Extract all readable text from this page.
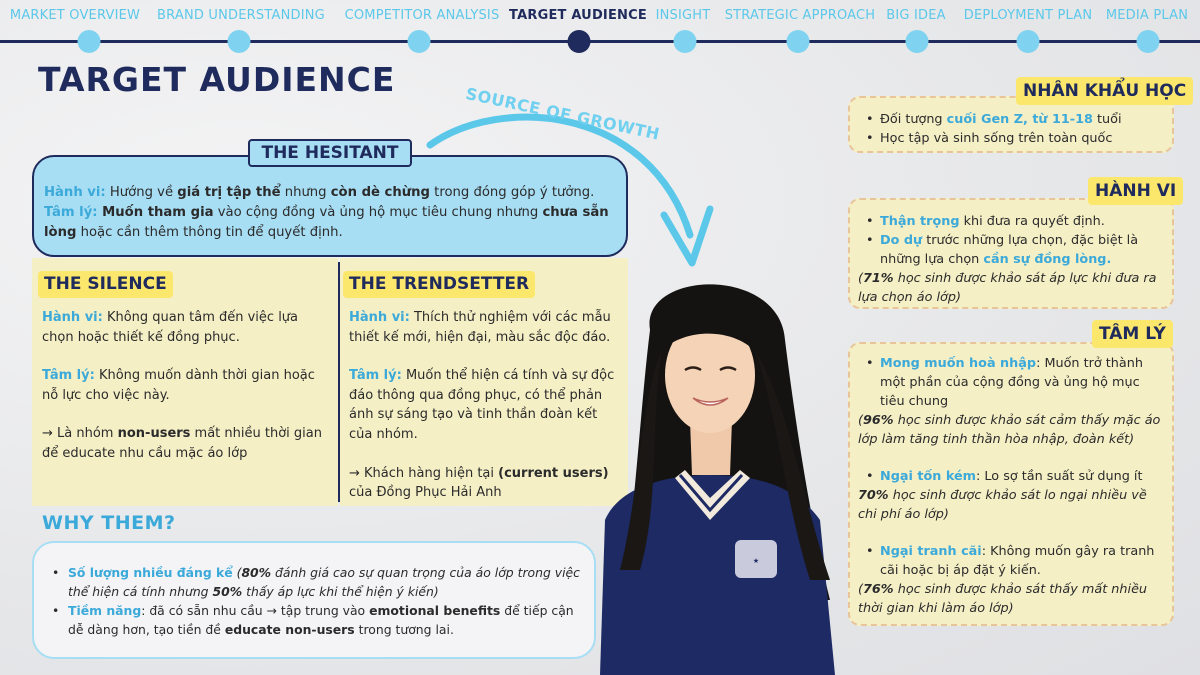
MARKET OVERVIEW BRAND UNDERSTANDING COMPETITOR ANALYSIS TARGET AUDIENCE INSIGHT STRATEGIC APPROACH BIG IDEA DEPLOYMENT PLAN MEDIA PLAN
TARGET AUDIENCE
SOURCE OF GROWTH
THE HESITANT
Hành vi: Hướng về giá trị tập thể nhưng còn dè chừng trong đóng góp ý tưởng.
Tâm lý: Muốn tham gia vào cộng đồng và ủng hộ mục tiêu chung nhưng chưa sẵn lòng hoặc cần thêm thông tin để quyết định.
THE SILENCE
Hành vi: Không quan tâm đến việc lựa chọn hoặc thiết kế đồng phục.
Tâm lý: Không muốn dành thời gian hoặc nỗ lực cho việc này.
→ Là nhóm non-users mất nhiều thời gian để educate nhu cầu mặc áo lớp
THE TRENDSETTER
Hành vi: Thích thử nghiệm với các mẫu thiết kế mới, hiện đại, màu sắc độc đáo.
Tâm lý: Muốn thể hiện cá tính và sự độc đáo thông qua đồng phục, có thể phản ánh sự sáng tạo và tinh thần đoàn kết của nhóm.
→ Khách hàng hiện tại (current users) của Đồng Phục Hải Anh
WHY THEM?
• Số lượng nhiều đáng kể (80% đánh giá cao sự quan trọng của áo lớp trong việc thể hiện cá tính nhưng 50% thấy áp lực khi thể hiện ý kiến)
• Tiềm năng: đã có sẵn nhu cầu → tập trung vào emotional benefits để tiếp cận dễ dàng hơn, tạo tiền đề educate non-users trong tương lai.
★
NHÂN KHẨU HỌC
• Đối tượng cuối Gen Z, từ 11-18 tuổi
• Học tập và sinh sống trên toàn quốc
HÀNH VI
• Thận trọng khi đưa ra quyết định.
• Do dự trước những lựa chọn, đặc biệt là những lựa chọn cần sự đồng lòng.
(71% học sinh được khảo sát áp lực khi đưa ra lựa chọn áo lớp)
TÂM LÝ
• Mong muốn hoà nhập: Muốn trở thành một phần của cộng đồng và ủng hộ mục tiêu chung
(96% học sinh được khảo sát cảm thấy mặc áo lớp làm tăng tinh thần hòa nhập, đoàn kết)
• Ngại tốn kém: Lo sợ tần suất sử dụng ít
70% học sinh được khảo sát lo ngại nhiều về chi phí áo lớp)
• Ngại tranh cãi: Không muốn gây ra tranh cãi hoặc bị áp đặt ý kiến.
(76% học sinh được khảo sát thấy mất nhiều thời gian khi làm áo lớp)
